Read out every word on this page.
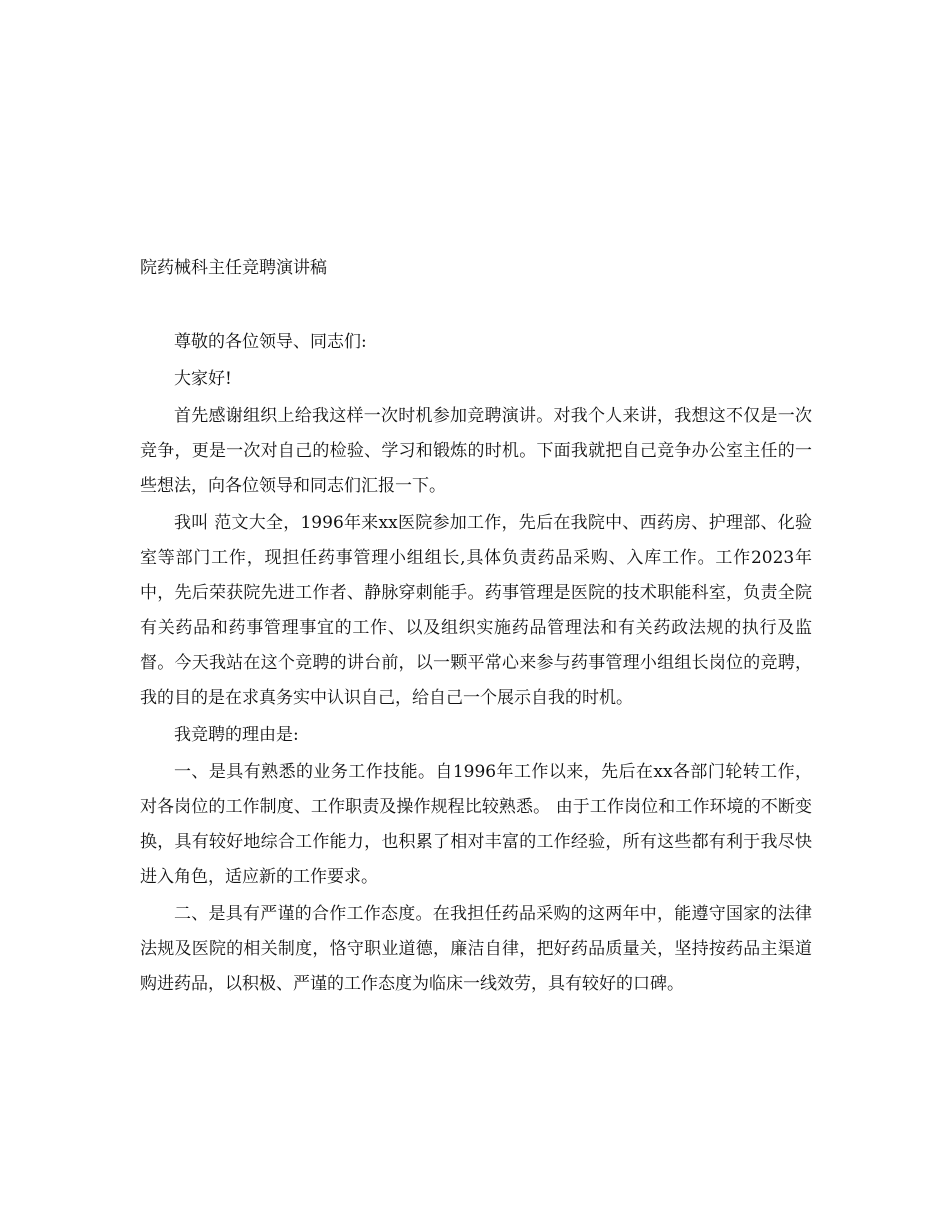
院药械科主任竞聘演讲稿

尊敬的各位领导、同志们:

大家好!

首先感谢组织上给我这样一次时机参加竞聘演讲。对我个人来讲，我想这不仅是一次竞争，更是一次对自己的检验、学习和锻炼的时机。下面我就把自己竞争办公室主任的一些想法，向各位领导和同志们汇报一下。

我叫 范文大全，1996年来xx医院参加工作，先后在我院中、西药房、护理部、化验室等部门工作，现担任药事管理小组组长,具体负责药品采购、入库工作。工作2023年中，先后荣获院先进工作者、静脉穿刺能手。药事管理是医院的技术职能科室，负责全院有关药品和药事管理事宜的工作、以及组织实施药品管理法和有关药政法规的执行及监督。今天我站在这个竞聘的讲台前，以一颗平常心来参与药事管理小组组长岗位的竞聘，我的目的是在求真务实中认识自己，给自己一个展示自我的时机。

我竞聘的理由是:

一、是具有熟悉的业务工作技能。自1996年工作以来，先后在xx各部门轮转工作，对各岗位的工作制度、工作职责及操作规程比较熟悉。 由于工作岗位和工作环境的不断变换，具有较好地综合工作能力，也积累了相对丰富的工作经验，所有这些都有利于我尽快进入角色，适应新的工作要求。

二、是具有严谨的合作工作态度。在我担任药品采购的这两年中，能遵守国家的法律法规及医院的相关制度，恪守职业道德，廉洁自律，把好药品质量关，坚持按药品主渠道购进药品，以积极、严谨的工作态度为临床一线效劳，具有较好的口碑。
